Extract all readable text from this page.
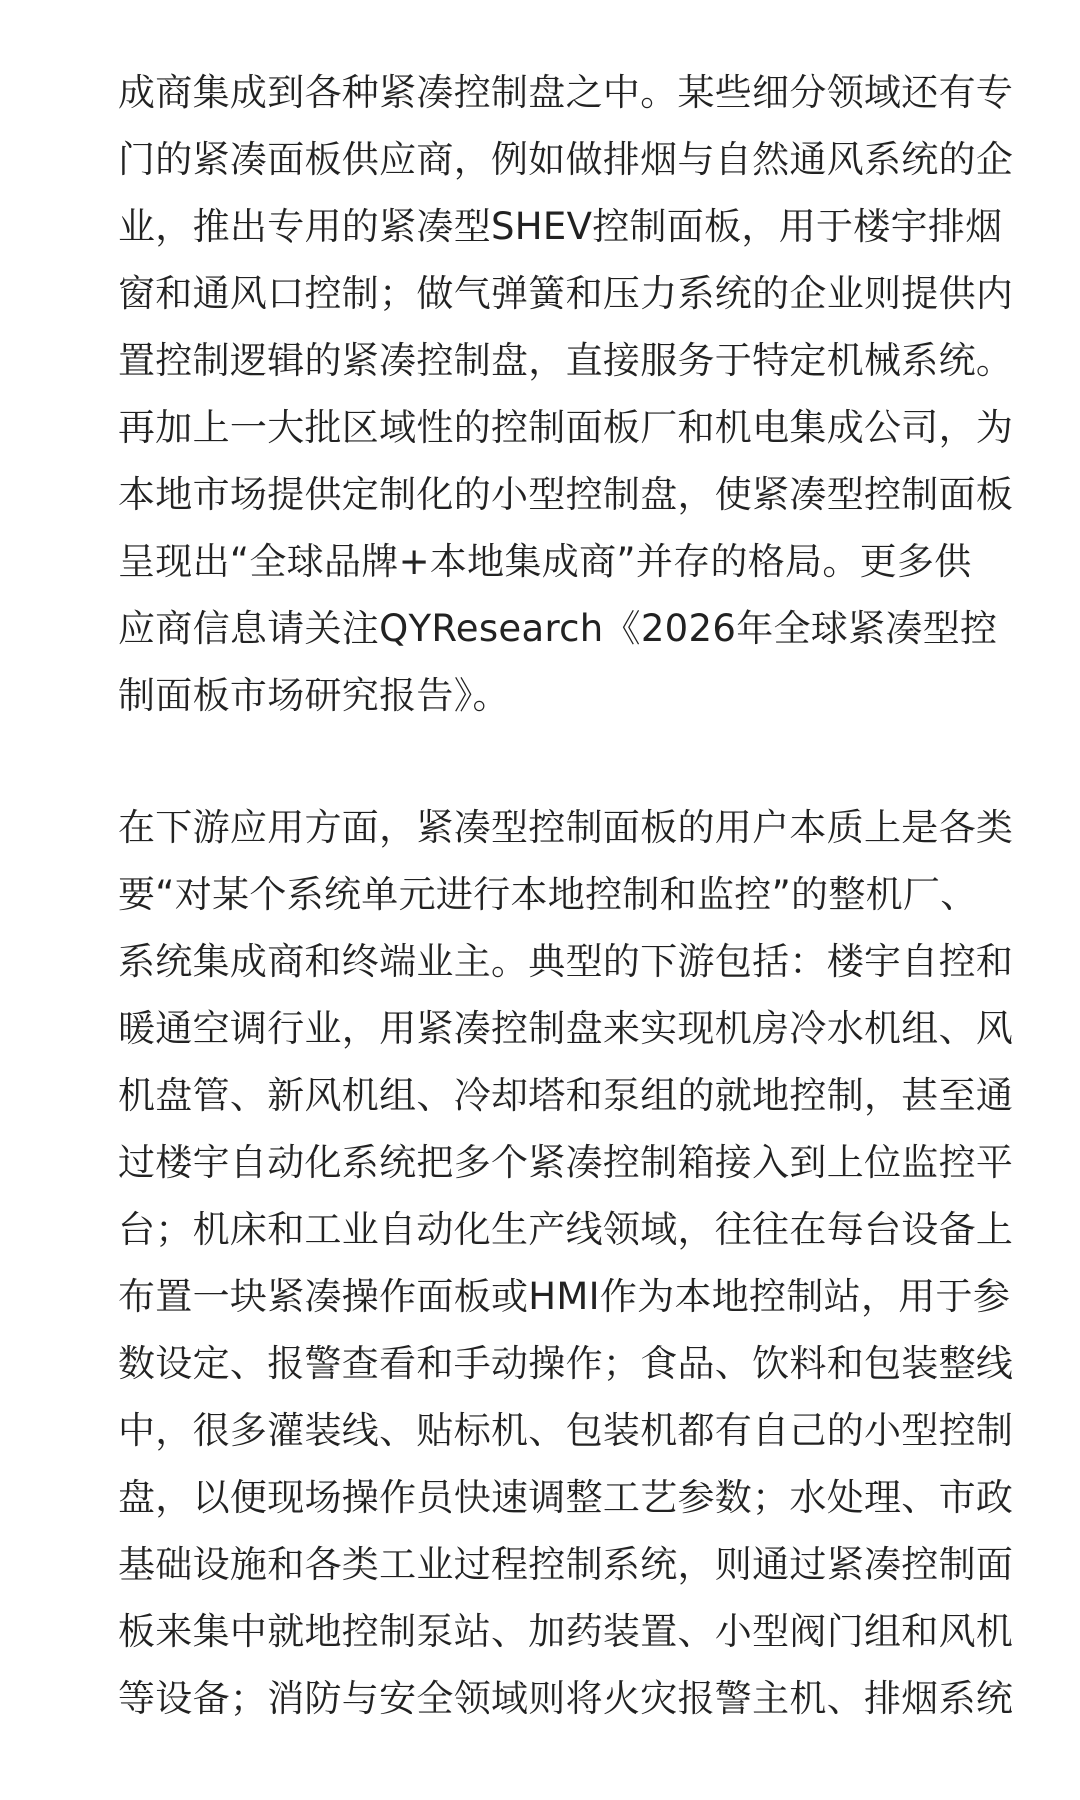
成商集成到各种紧凑控制盘之中。某些细分领域还有专
门的紧凑面板供应商，例如做排烟与自然通风系统的企
业，推出专用的紧凑型SHEV控制面板，用于楼宇排烟
窗和通风口控制；做气弹簧和压力系统的企业则提供内
置控制逻辑的紧凑控制盘，直接服务于特定机械系统。
再加上一大批区域性的控制面板厂和机电集成公司，为
本地市场提供定制化的小型控制盘，使紧凑型控制面板
呈现出“全球品牌+本地集成商”并存的格局。更多供
应商信息请关注QYResearch《2026年全球紧凑型控
制面板市场研究报告》。
在下游应用方面，紧凑型控制面板的用户本质上是各类
要“对某个系统单元进行本地控制和监控”的整机厂、
系统集成商和终端业主。典型的下游包括：楼宇自控和
暖通空调行业，用紧凑控制盘来实现机房冷水机组、风
机盘管、新风机组、冷却塔和泵组的就地控制，甚至通
过楼宇自动化系统把多个紧凑控制箱接入到上位监控平
台；机床和工业自动化生产线领域，往往在每台设备上
布置一块紧凑操作面板或HMI作为本地控制站，用于参
数设定、报警查看和手动操作；食品、饮料和包装整线
中，很多灌装线、贴标机、包装机都有自己的小型控制
盘，以便现场操作员快速调整工艺参数；水处理、市政
基础设施和各类工业过程控制系统，则通过紧凑控制面
板来集中就地控制泵站、加药装置、小型阀门组和风机
等设备；消防与安全领域则将火灾报警主机、排烟系统
